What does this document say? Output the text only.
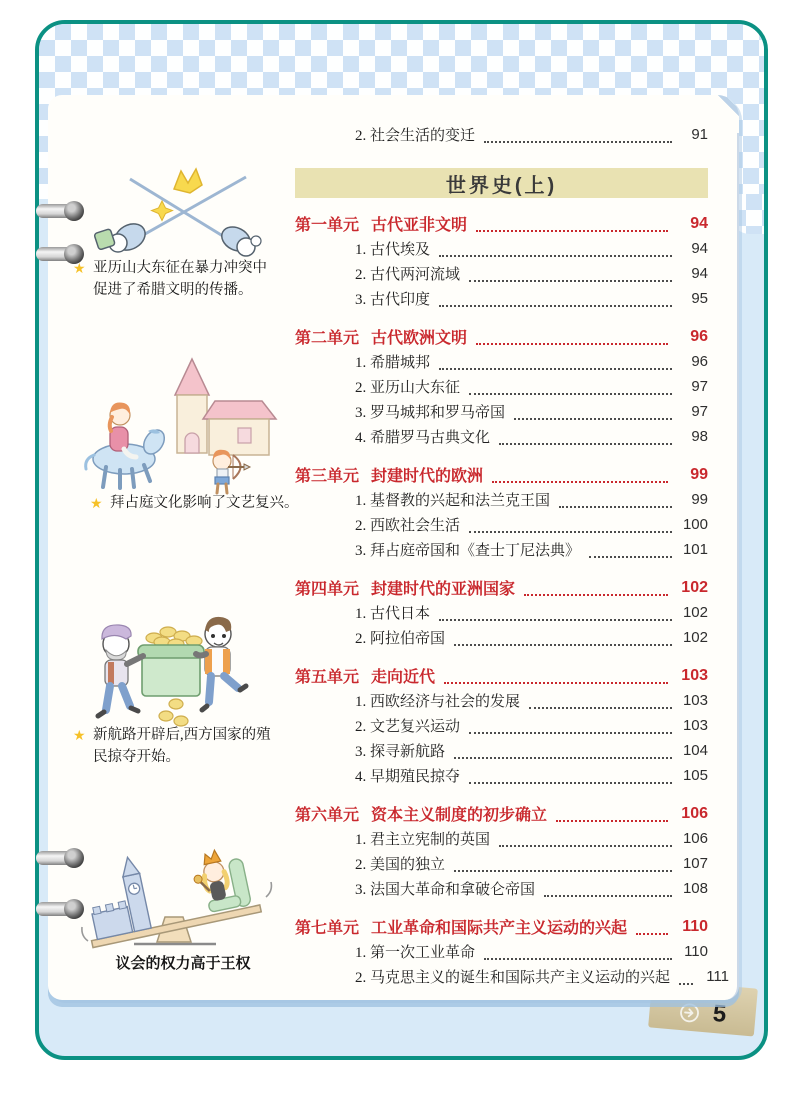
5
★ 亚历山大东征在暴力冲突中促进了希腊文明的传播。
★ 拜占庭文化影响了文艺复兴。
★ 新航路开辟后,西方国家的殖民掠夺开始。
议会的权力高于王权
2. 社会生活的变迁	91
世界史(上)
第一单元 古代亚非文明	94
1. 古代埃及	94
2. 古代两河流域	94
3. 古代印度	95
第二单元 古代欧洲文明	96
1. 希腊城邦	96
2. 亚历山大东征	97
3. 罗马城邦和罗马帝国	97
4. 希腊罗马古典文化	98
第三单元 封建时代的欧洲	99
1. 基督教的兴起和法兰克王国	99
2. 西欧社会生活	100
3. 拜占庭帝国和《查士丁尼法典》	101
第四单元 封建时代的亚洲国家	102
1. 古代日本	102
2. 阿拉伯帝国	102
第五单元 走向近代	103
1. 西欧经济与社会的发展	103
2. 文艺复兴运动	103
3. 探寻新航路	104
4. 早期殖民掠夺	105
第六单元 资本主义制度的初步确立	106
1. 君主立宪制的英国	106
2. 美国的独立	107
3. 法国大革命和拿破仑帝国	108
第七单元 工业革命和国际共产主义运动的兴起	110
1. 第一次工业革命	110
2. 马克思主义的诞生和国际共产主义运动的兴起	111
